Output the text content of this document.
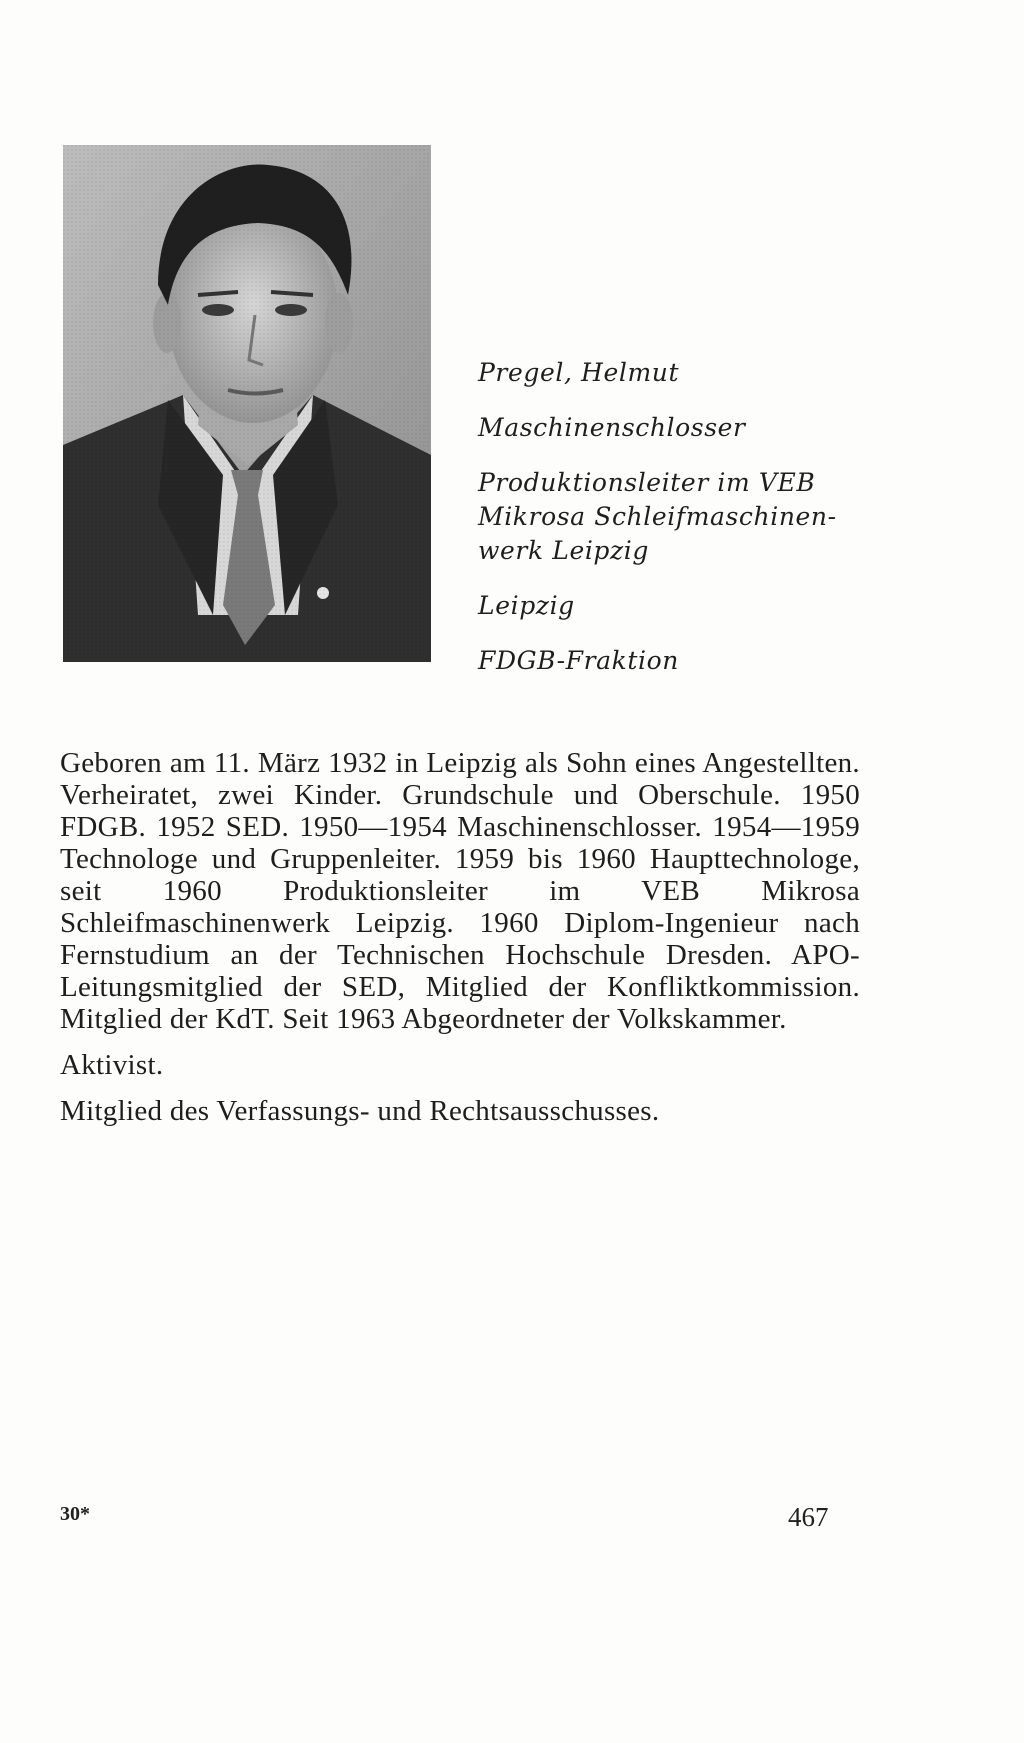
Pregel, Helmut
Maschinenschlosser
Produktionsleiter im VEB
Mikrosa Schleifmaschinen-
werk Leipzig
Leipzig
FDGB-Fraktion

Geboren am 11. März 1932 in Leipzig als Sohn eines Angestellten. Verheiratet, zwei Kinder. Grundschule und Oberschule. 1950 FDGB. 1952 SED. 1950—1954 Maschinenschlosser. 1954—1959 Technologe und Gruppenleiter. 1959 bis 1960 Haupttechnologe, seit 1960 Produktionsleiter im VEB Mikrosa Schleifmaschinenwerk Leipzig. 1960 Diplom-Ingenieur nach Fernstudium an der Technischen Hochschule Dresden. APO-Leitungsmitglied der SED, Mitglied der Konfliktkommission. Mitglied der KdT. Seit 1963 Abgeordneter der Volkskammer.

Aktivist.

Mitglied des Verfassungs- und Rechtsausschusses.

30*	467
